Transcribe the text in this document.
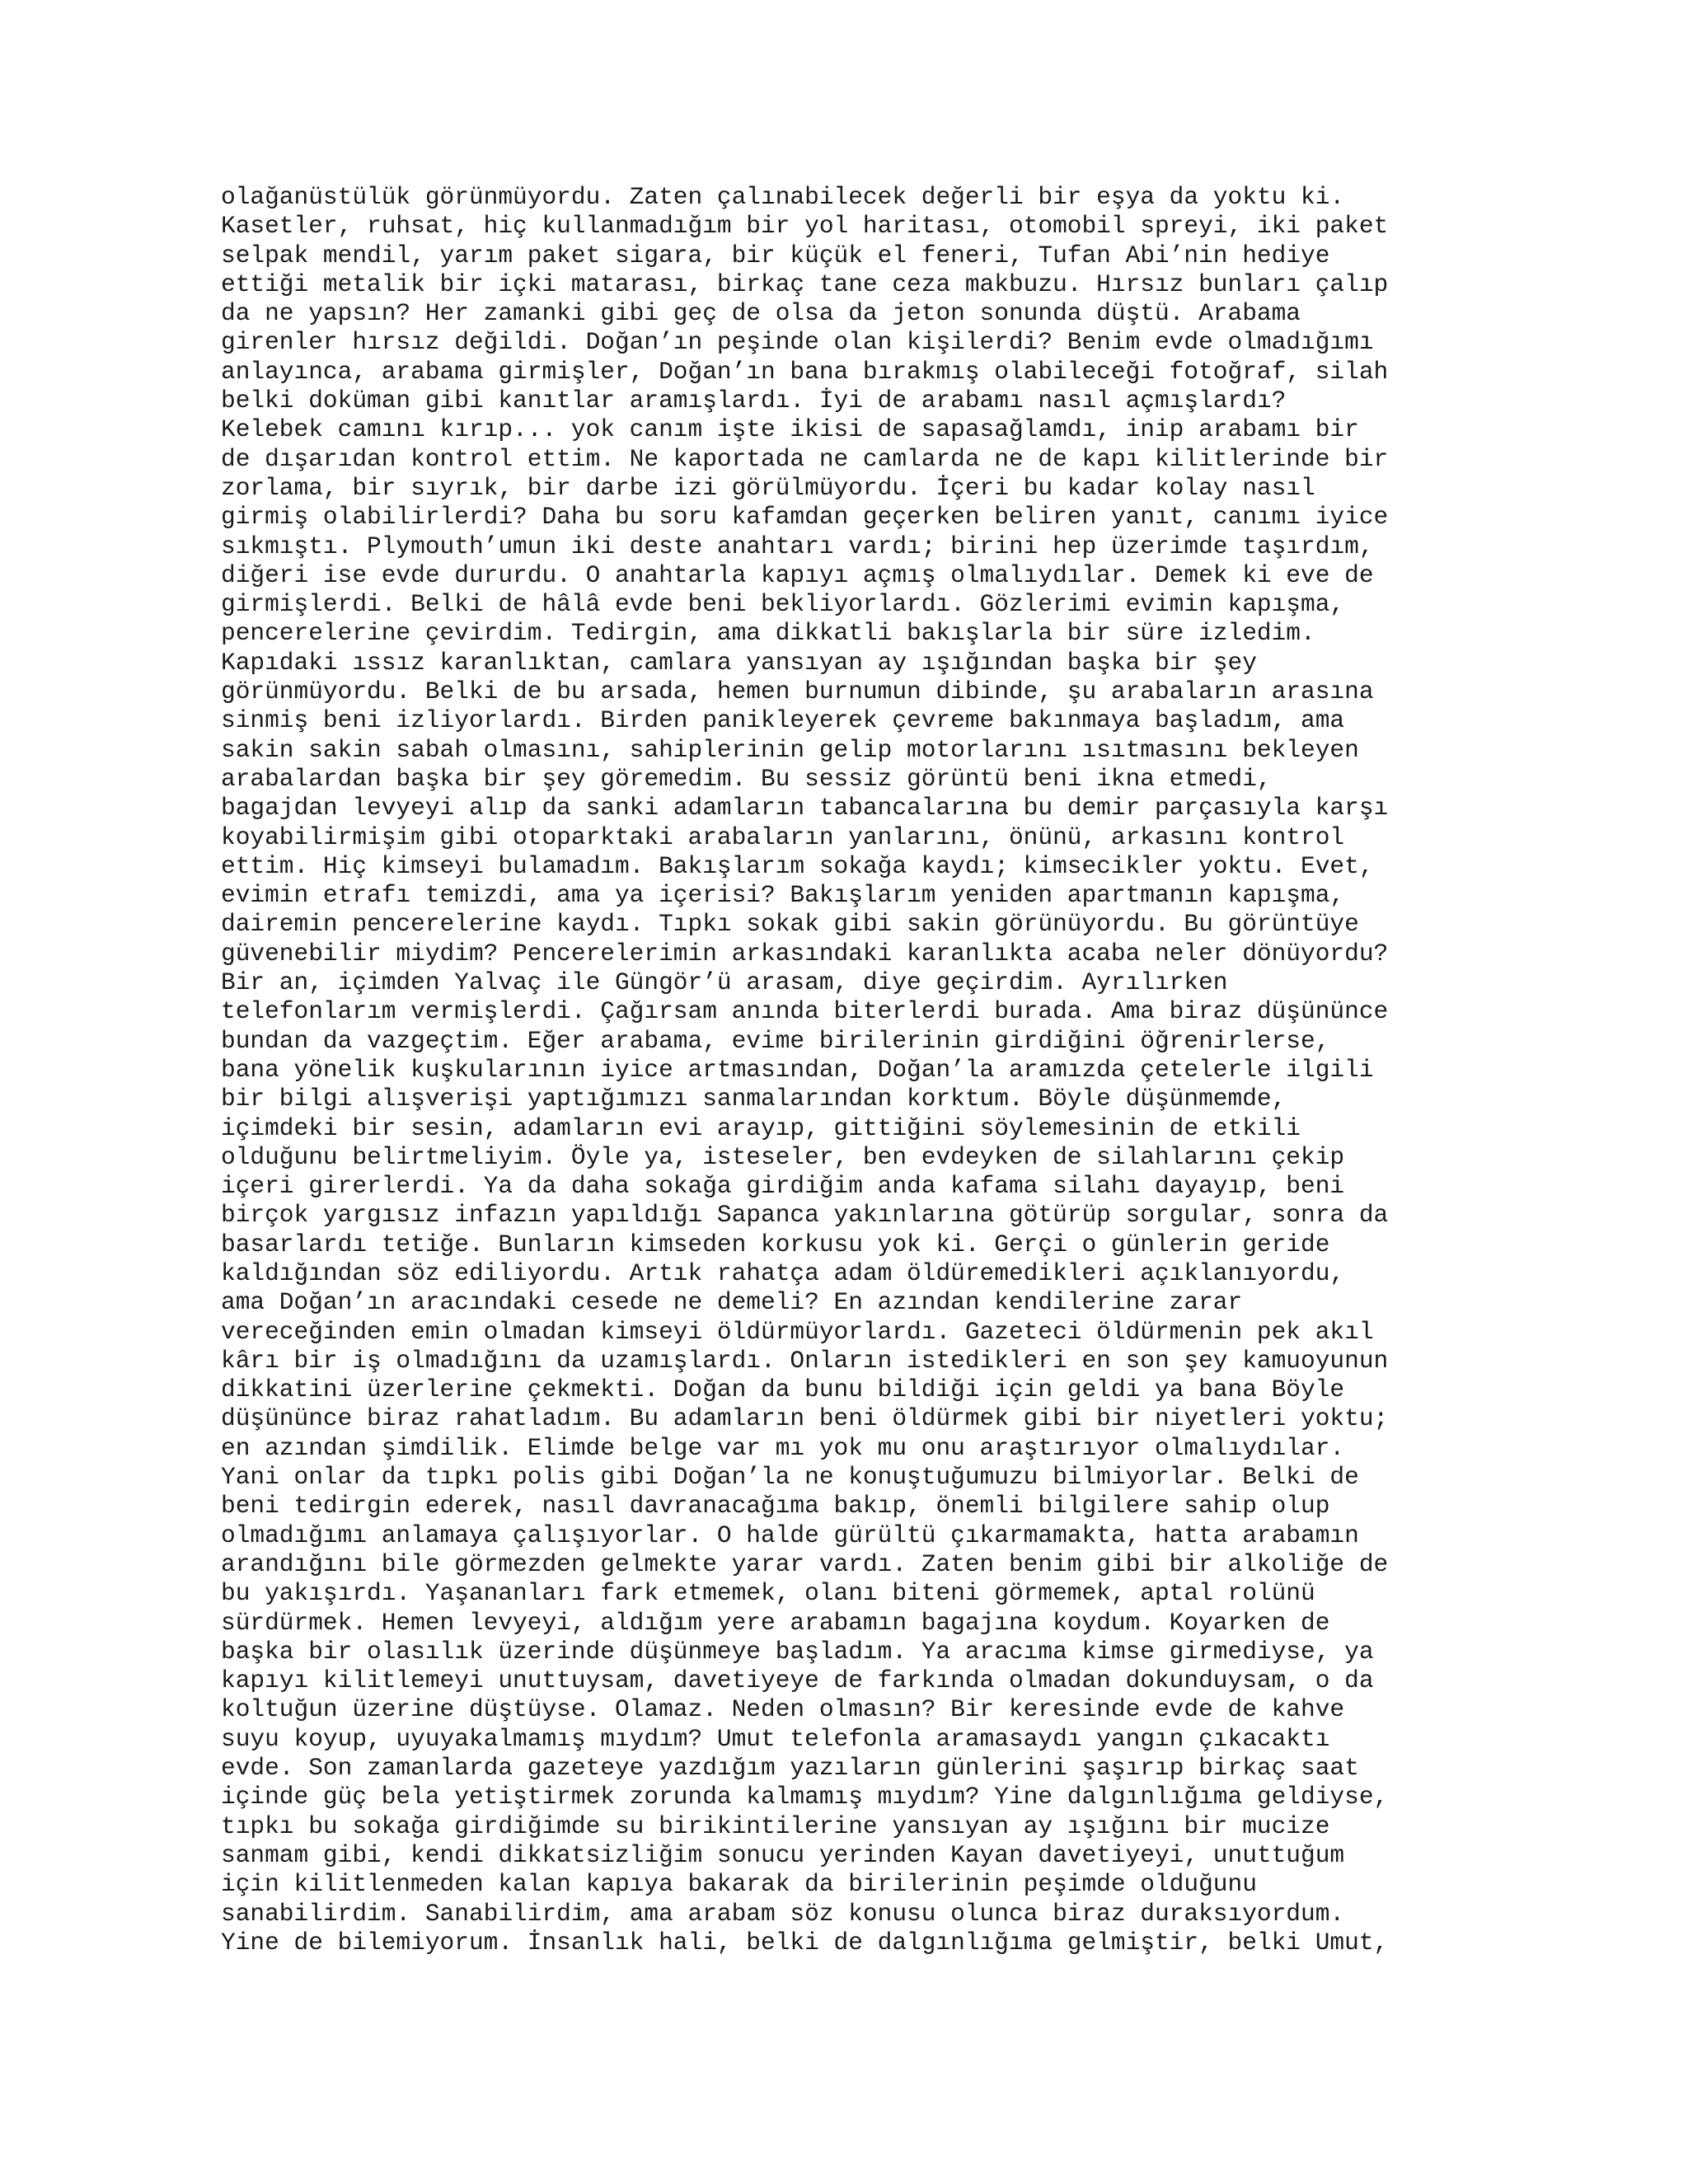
olağanüstülük görünmüyordu. Zaten çalınabilecek değerli bir eşya da yoktu ki.
Kasetler, ruhsat, hiç kullanmadığım bir yol haritası, otomobil spreyi, iki paket
selpak mendil, yarım paket sigara, bir küçük el feneri, Tufan Abi’nin hediye
ettiği metalik bir içki matarası, birkaç tane ceza makbuzu. Hırsız bunları çalıp
da ne yapsın? Her zamanki gibi geç de olsa da jeton sonunda düştü. Arabama
girenler hırsız değildi. Doğan’ın peşinde olan kişilerdi? Benim evde olmadığımı
anlayınca, arabama girmişler, Doğan’ın bana bırakmış olabileceği fotoğraf, silah
belki doküman gibi kanıtlar aramışlardı. İyi de arabamı nasıl açmışlardı?
Kelebek camını kırıp... yok canım işte ikisi de sapasağlamdı, inip arabamı bir
de dışarıdan kontrol ettim. Ne kaportada ne camlarda ne de kapı kilitlerinde bir
zorlama, bir sıyrık, bir darbe izi görülmüyordu. İçeri bu kadar kolay nasıl
girmiş olabilirlerdi? Daha bu soru kafamdan geçerken beliren yanıt, canımı iyice
sıkmıştı. Plymouth’umun iki deste anahtarı vardı; birini hep üzerimde taşırdım,
diğeri ise evde dururdu. O anahtarla kapıyı açmış olmalıydılar. Demek ki eve de
girmişlerdi. Belki de hâlâ evde beni bekliyorlardı. Gözlerimi evimin kapışma,
pencerelerine çevirdim. Tedirgin, ama dikkatli bakışlarla bir süre izledim.
Kapıdaki ıssız karanlıktan, camlara yansıyan ay ışığından başka bir şey
görünmüyordu. Belki de bu arsada, hemen burnumun dibinde, şu arabaların arasına
sinmiş beni izliyorlardı. Birden panikleyerek çevreme bakınmaya başladım, ama
sakin sakin sabah olmasını, sahiplerinin gelip motorlarını ısıtmasını bekleyen
arabalardan başka bir şey göremedim. Bu sessiz görüntü beni ikna etmedi,
bagajdan levyeyi alıp da sanki adamların tabancalarına bu demir parçasıyla karşı
koyabilirmişim gibi otoparktaki arabaların yanlarını, önünü, arkasını kontrol
ettim. Hiç kimseyi bulamadım. Bakışlarım sokağa kaydı; kimsecikler yoktu. Evet,
evimin etrafı temizdi, ama ya içerisi? Bakışlarım yeniden apartmanın kapışma,
dairemin pencerelerine kaydı. Tıpkı sokak gibi sakin görünüyordu. Bu görüntüye
güvenebilir miydim? Pencerelerimin arkasındaki karanlıkta acaba neler dönüyordu?
Bir an, içimden Yalvaç ile Güngör’ü arasam, diye geçirdim. Ayrılırken
telefonlarım vermişlerdi. Çağırsam anında biterlerdi burada. Ama biraz düşününce
bundan da vazgeçtim. Eğer arabama, evime birilerinin girdiğini öğrenirlerse,
bana yönelik kuşkularının iyice artmasından, Doğan’la aramızda çetelerle ilgili
bir bilgi alışverişi yaptığımızı sanmalarından korktum. Böyle düşünmemde,
içimdeki bir sesin, adamların evi arayıp, gittiğini söylemesinin de etkili
olduğunu belirtmeliyim. Öyle ya, isteseler, ben evdeyken de silahlarını çekip
içeri girerlerdi. Ya da daha sokağa girdiğim anda kafama silahı dayayıp, beni
birçok yargısız infazın yapıldığı Sapanca yakınlarına götürüp sorgular, sonra da
basarlardı tetiğe. Bunların kimseden korkusu yok ki. Gerçi o günlerin geride
kaldığından söz ediliyordu. Artık rahatça adam öldüremedikleri açıklanıyordu,
ama Doğan’ın aracındaki cesede ne demeli? En azından kendilerine zarar
vereceğinden emin olmadan kimseyi öldürmüyorlardı. Gazeteci öldürmenin pek akıl
kârı bir iş olmadığını da uzamışlardı. Onların istedikleri en son şey kamuoyunun
dikkatini üzerlerine çekmekti. Doğan da bunu bildiği için geldi ya bana Böyle
düşününce biraz rahatladım. Bu adamların beni öldürmek gibi bir niyetleri yoktu;
en azından şimdilik. Elimde belge var mı yok mu onu araştırıyor olmalıydılar.
Yani onlar da tıpkı polis gibi Doğan’la ne konuştuğumuzu bilmiyorlar. Belki de
beni tedirgin ederek, nasıl davranacağıma bakıp, önemli bilgilere sahip olup
olmadığımı anlamaya çalışıyorlar. O halde gürültü çıkarmamakta, hatta arabamın
arandığını bile görmezden gelmekte yarar vardı. Zaten benim gibi bir alkoliğe de
bu yakışırdı. Yaşananları fark etmemek, olanı biteni görmemek, aptal rolünü
sürdürmek. Hemen levyeyi, aldığım yere arabamın bagajına koydum. Koyarken de
başka bir olasılık üzerinde düşünmeye başladım. Ya aracıma kimse girmediyse, ya
kapıyı kilitlemeyi unuttuysam, davetiyeye de farkında olmadan dokunduysam, o da
koltuğun üzerine düştüyse. Olamaz. Neden olmasın? Bir keresinde evde de kahve
suyu koyup, uyuyakalmamış mıydım? Umut telefonla aramasaydı yangın çıkacaktı
evde. Son zamanlarda gazeteye yazdığım yazıların günlerini şaşırıp birkaç saat
içinde güç bela yetiştirmek zorunda kalmamış mıydım? Yine dalgınlığıma geldiyse,
tıpkı bu sokağa girdiğimde su birikintilerine yansıyan ay ışığını bir mucize
sanmam gibi, kendi dikkatsizliğim sonucu yerinden Kayan davetiyeyi, unuttuğum
için kilitlenmeden kalan kapıya bakarak da birilerinin peşimde olduğunu
sanabilirdim. Sanabilirdim, ama arabam söz konusu olunca biraz duraksıyordum.
Yine de bilemiyorum. İnsanlık hali, belki de dalgınlığıma gelmiştir, belki Umut,
